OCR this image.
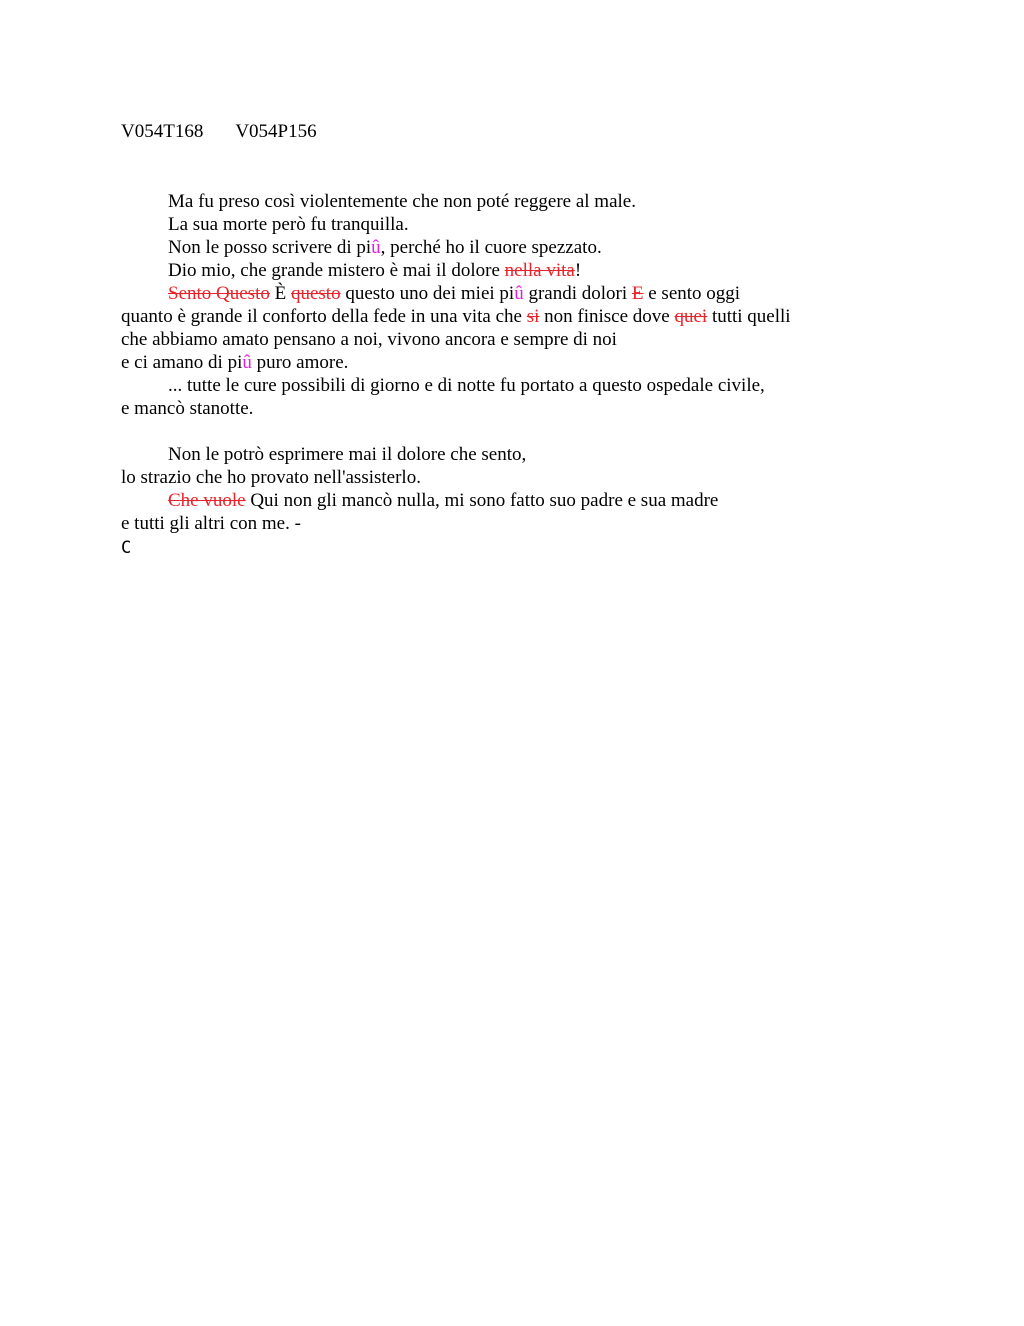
V054T168 V054P156
Ma fu preso così violentemente che non poté reggere al male.
La sua morte però fu tranquilla.
Non le posso scrivere di piû, perché ho il cuore spezzato.
Dio mio, che grande mistero è mai il dolore nella vita!
Sento Questo È questo questo uno dei miei piû grandi dolori E e sento oggi
quanto è grande il conforto della fede in una vita che si non finisce dove quei tutti quelli
che abbiamo amato pensano a noi, vivono ancora e sempre di noi
e ci amano di piû puro amore.
... tutte le cure possibili di giorno e di notte fu portato a questo ospedale civile,
e mancò stanotte.
Non le potrò esprimere mai il dolore che sento,
lo strazio che ho provato nell'assisterlo.
Che vuole Qui non gli mancò nulla, mi sono fatto suo padre e sua madre
e tutti gli altri con me. -
C
